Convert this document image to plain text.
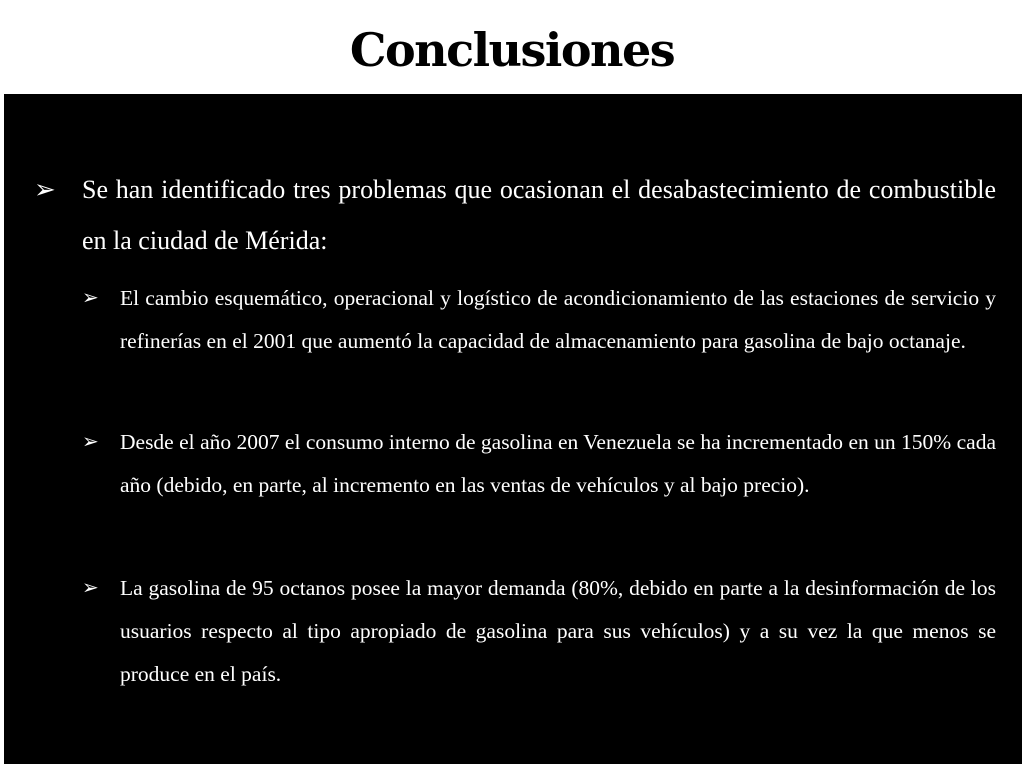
Conclusiones
➢	Se han identificado tres problemas que ocasionan el desabastecimiento de combustible en la ciudad de Mérida:
➢ El cambio esquemático, operacional y logístico de acondicionamiento de las estaciones de servicio y refinerías en el 2001 que aumentó la capacidad de almacenamiento para gasolina de bajo octanaje.
➢ Desde el año 2007 el consumo interno de gasolina en Venezuela se ha incrementado en un 150% cada año (debido, en parte, al incremento en las ventas de vehículos y al bajo precio).
➢ La gasolina de 95 octanos posee la mayor demanda (80%, debido en parte a la desinformación de los usuarios respecto al tipo apropiado de gasolina para sus vehículos) y a su vez la que menos se produce en el país.
